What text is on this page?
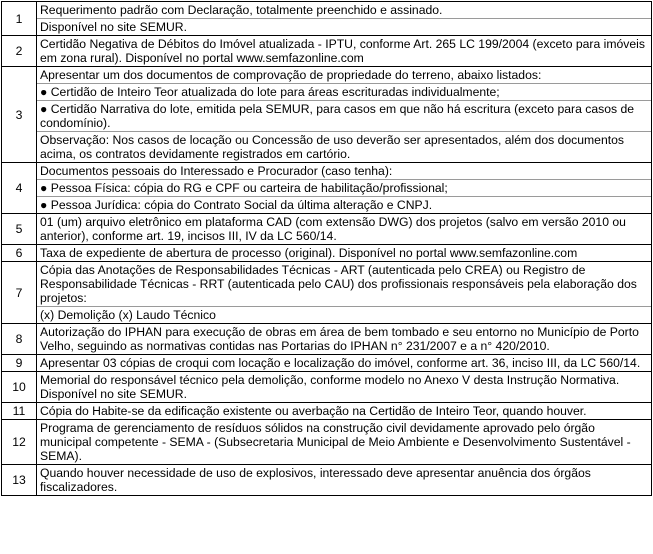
1	Requerimento padrão com Declaração, totalmente preenchido e assinado.
Disponível no site SEMUR.

2	Certidão Negativa de Débitos do Imóvel atualizada - IPTU, conforme Art. 265 LC 199/2004 (exceto para imóveis em zona rural). Disponível no portal www.semfazonline.com

3	Apresentar um dos documentos de comprovação de propriedade do terreno, abaixo listados:
● Certidão de Inteiro Teor atualizada do lote para áreas escrituradas individualmente;
● Certidão Narrativa do lote, emitida pela SEMUR, para casos em que não há escritura (exceto para casos de condomínio).
Observação: Nos casos de locação ou Concessão de uso deverão ser apresentados, além dos documentos acima, os contratos devidamente registrados em cartório.

4	Documentos pessoais do Interessado e Procurador (caso tenha):
● Pessoa Física: cópia do RG e CPF ou carteira de habilitação/profissional;
● Pessoa Jurídica: cópia do Contrato Social da última alteração e CNPJ.

5	01 (um) arquivo eletrônico em plataforma CAD (com extensão DWG) dos projetos (salvo em versão 2010 ou anterior), conforme art. 19, incisos III, IV da LC 560/14.

6	Taxa de expediente de abertura de processo (original). Disponível no portal www.semfazonline.com

7	Cópia das Anotações de Responsabilidades Técnicas - ART (autenticada pelo CREA) ou Registro de Responsabilidade Técnicas - RRT (autenticada pelo CAU) dos profissionais responsáveis pela elaboração dos projetos:
(x) Demolição (x) Laudo Técnico

8	Autorização do IPHAN para execução de obras em área de bem tombado e seu entorno no Município de Porto Velho, seguindo as normativas contidas nas Portarias do IPHAN n° 231/2007 e a n° 420/2010.

9	Apresentar 03 cópias de croqui com locação e localização do imóvel, conforme art. 36, inciso III, da LC 560/14.

10	Memorial do responsável técnico pela demolição, conforme modelo no Anexo V desta Instrução Normativa. Disponível no site SEMUR.

11	Cópia do Habite-se da edificação existente ou averbação na Certidão de Inteiro Teor, quando houver.

12	Programa de gerenciamento de resíduos sólidos na construção civil devidamente aprovado pelo órgão municipal competente - SEMA - (Subsecretaria Municipal de Meio Ambiente e Desenvolvimento Sustentável - SEMA).

13	Quando houver necessidade de uso de explosivos, interessado deve apresentar anuência dos órgãos fiscalizadores.
